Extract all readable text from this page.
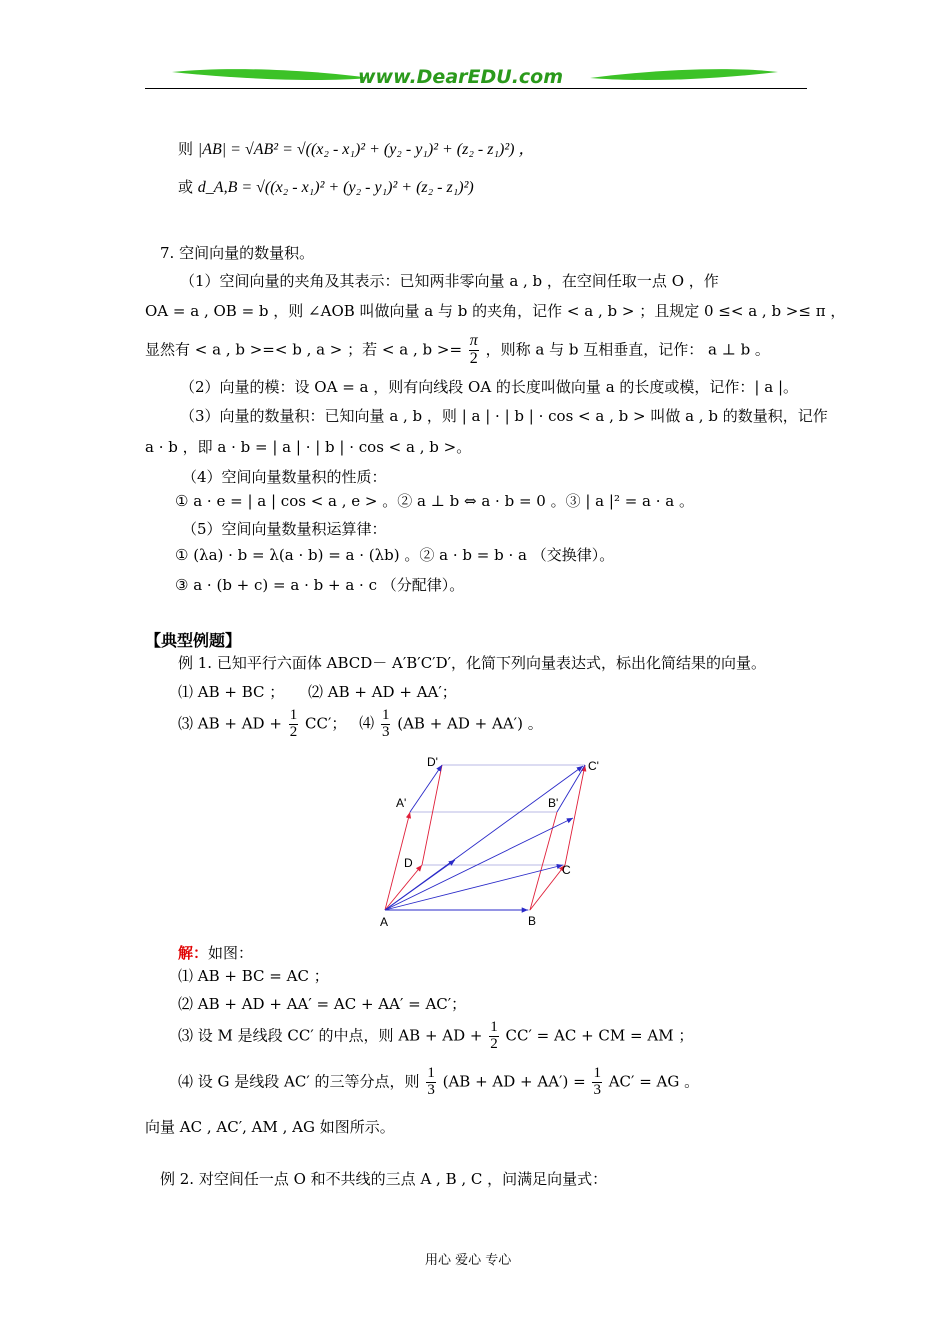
www.DearEDU.com
则 |AB| = √AB² = √((x₂ - x₁)² + (y₂ - y₁)² + (z₂ - z₁)²) ，
或 d_A,B = √((x₂ - x₁)² + (y₂ - y₁)² + (z₂ - z₁)²)
7. 空间向量的数量积。
（1）空间向量的夹角及其表示：已知两非零向量 a , b ，在空间任取一点 O ，作
OA = a , OB = b ，则 ∠AOB 叫做向量 a 与 b 的夹角，记作 < a , b > ；且规定 0 ≤< a , b >≤ π ，
显然有 < a , b >=< b , a > ；若 < a , $b >= \frac{\pi}{2}$ ，则称 a 与 b 互相垂直，记作： a ⊥ b 。
（2）向量的模：设 OA = a ，则有向线段 OA 的长度叫做向量 a 的长度或模，记作：| a |。
（3）向量的数量积：已知向量 a , b ，则 | a | · | b | · cos < a , b > 叫做 a , b 的数量积，记作
a · b ，即 a · b = | a | · | b | · cos < a , b >。
（4）空间向量数量积的性质：
① a · e = | a | cos < a , e > 。② a ⊥ b ⇔ a · b = 0 。③ | a |² = a · a 。
（5）空间向量数量积运算律：
① (λa) · b = λ(a · b) = a · (λb) 。② a · b = b · a （交换律）。
③ a · (b + c) = a · b + a · c （分配律）。
【典型例题】
例 1. 已知平行六面体 ABCD－ A′B′C′D′，化简下列向量表达式，标出化简结果的向量。
⑴ AB + BC ； ⑵ AB + AD + AA′；
⑶ AB + AD + $\frac{1}{2} CC'$； ⑷ $\frac{1}{3} (AB$ + AD + AA′) 。
A	B
C
D
A'	B'
C'
D'
解：如图：
⑴ AB + BC = AC ；
⑵ AB + AD + AA′ = AC + AA′ = AC′；
⑶ 设 M 是线段 CC′ 的中点，则 AB + AD + $\frac{1}{2} CC'$ = AC + CM = AM ；
⑷ 设 G 是线段 AC′ 的三等分点，则 $\frac{1}{3} (AB$ + AD + $AA') = \frac{1}{3} AC'$ = AG 。
向量 AC , AC′, AM , AG 如图所示。
例 2. 对空间任一点 O 和不共线的三点 A , B , C ，问满足向量式：
用心 爱心 专心
